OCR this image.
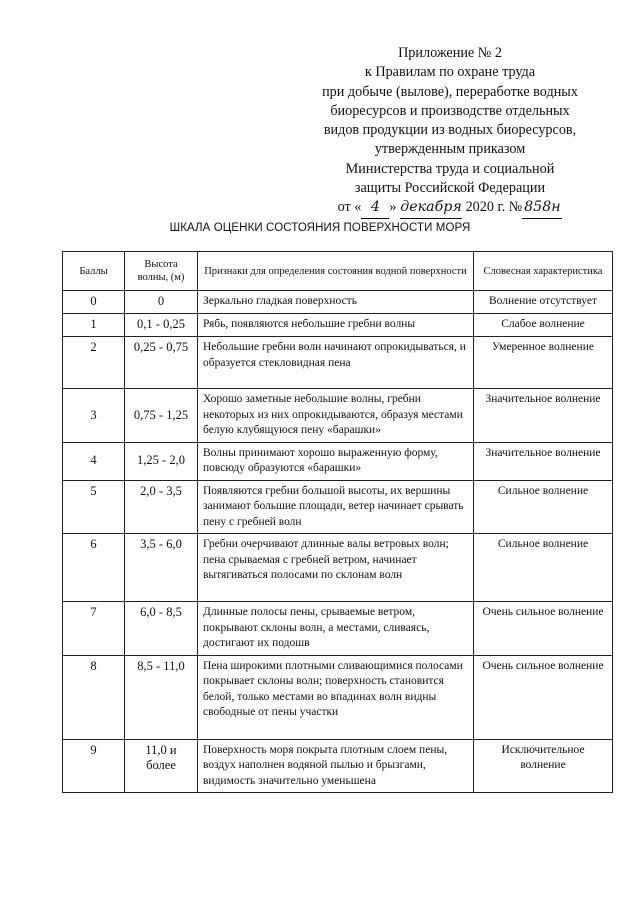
Приложение № 2
к Правилам по охране труда
при добыче (вылове), переработке водных
биоресурсов и производстве отдельных
видов продукции из водных биоресурсов,
утвержденным приказом
Министерства труда и социальной
защиты Российской Федерации
от « 4 » декабря 2020 г. № 858н
ШКАЛА ОЦЕНКИ СОСТОЯНИЯ ПОВЕРХНОСТИ МОРЯ
Баллы	Высота волны, (м)	Признаки для определения состояния водной поверхности	Словесная характеристика
0	0	Зеркально гладкая поверхность	Волнение отсутствует
1	0,1 - 0,25	Рябь, появляются небольшие гребни волны	Слабое волнение
2	0,25 - 0,75	Небольшие гребни волн начинают опрокидываться, и образуется стекловидная пена	Умеренное волнение
3	0,75 - 1,25	Хорошо заметные небольшие волны, гребни некоторых из них опрокидываются, образуя местами белую клубящуюся пену «барашки»	Значительное волнение
4	1,25 - 2,0	Волны принимают хорошо выраженную форму, повсюду образуются «барашки»	Значительное волнение
5	2,0 - 3,5	Появляются гребни большой высоты, их вершины занимают большие площади, ветер начинает срывать пену с гребней волн	Сильное волнение
6	3,5 - 6,0	Гребни очерчивают длинные валы ветровых волн; пена срываемая с гребней ветром, начинает вытягиваться полосами по склонам волн	Сильное волнение
7	6,0 - 8,5	Длинные полосы пены, срываемые ветром, покрывают склоны волн, а местами, сливаясь, достигают их подошв	Очень сильное волнение
8	8,5 - 11,0	Пена широкими плотными сливающимися полосами покрывает склоны волн; поверхность становится белой, только местами во впадинах волн видны свободные от пены участки	Очень сильное волнение
9	11,0 и более	Поверхность моря покрыта плотным слоем пены, воздух наполнен водяной пылью и брызгами, видимость значительно уменьшена	Исключительное волнение
